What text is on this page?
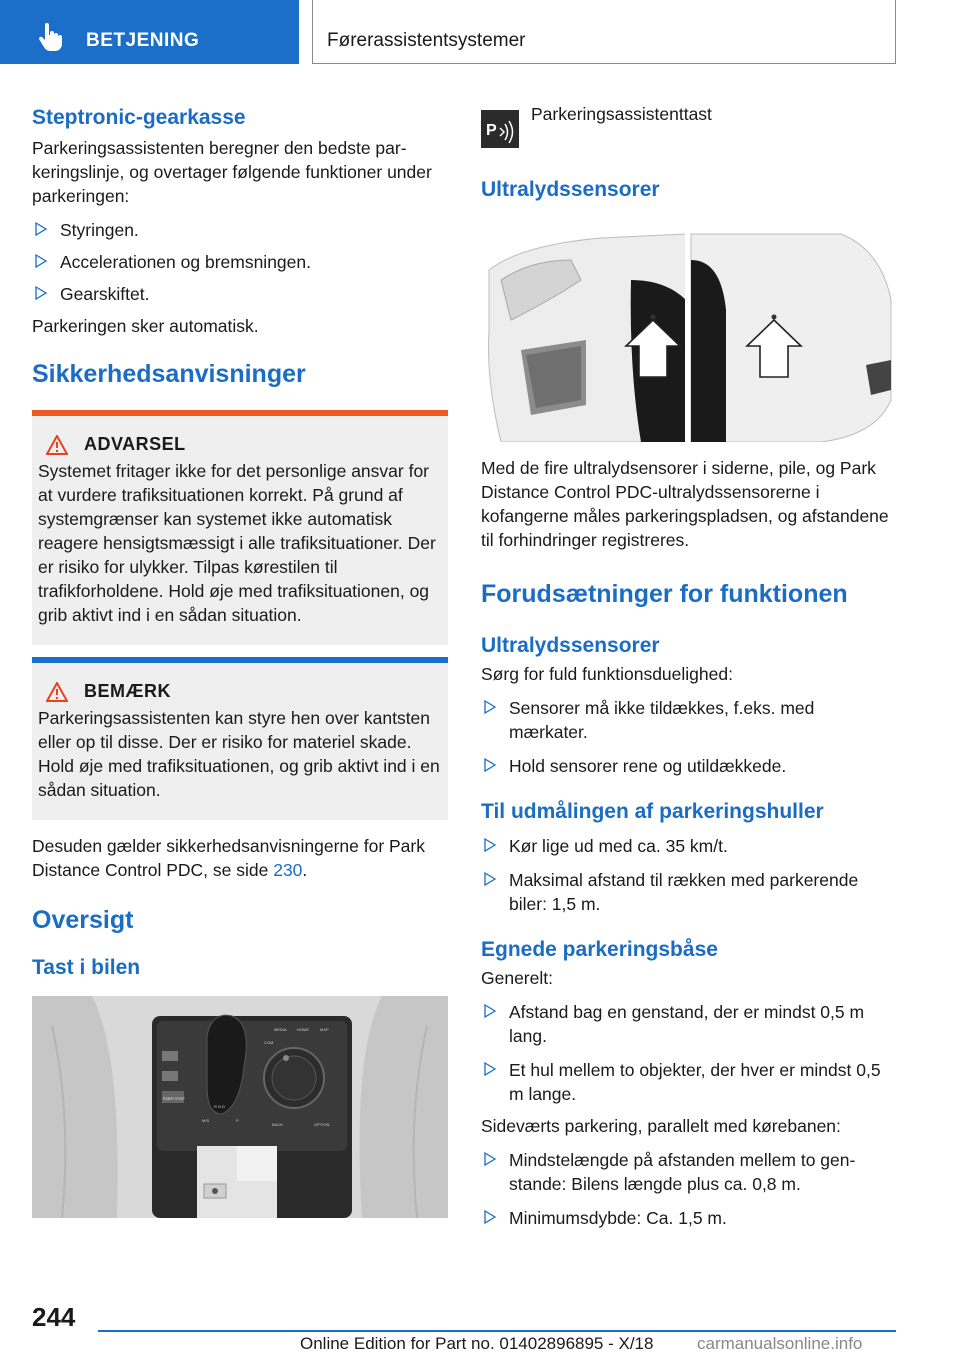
BETJENING	Førerassistentsystemer
Steptronic-gearkasse
Parkeringsassistenten beregner den bedste parkeringslinje, og overtager følgende funktioner under parkeringen:
Styringen.
Accelerationen og bremsningen.
Gearskiftet.
Parkeringen sker automatisk.
Sikkerhedsanvisninger
ADVARSEL
Systemet fritager ikke for det personlige ansvar for at vurdere trafiksituationen korrekt. På grund af systemgrænser kan systemet ikke automatisk reagere hensigtsmæssigt i alle trafiksituationer. Der er risiko for ulykker. Tilpas kørestilen til trafikforholdene. Hold øje med trafiksituationen, og grib aktivt ind i en sådan situation.
BEMÆRK
Parkeringsassistenten kan styre hen over kantsten eller op til disse. Der er risiko for materiel skade. Hold øje med trafiksituationen, og grib aktivt ind i en sådan situation.
Desuden gælder sikkerhedsanvisningerne for Park Distance Control PDC, se side 230.
Oversigt
Tast i bilen
MEDIA	HOME	MAP
COM
BACK	OPTION
R N D
M/S	P
START STOP
P
Parkeringsassistenttast
Ultralydssensorer
Med de fire ultralydsensorer i siderne, pile, og Park Distance Control PDC-ultralydssensorerne i kofangerne måles parkeringspladsen, og afstandene til forhindringer registreres.
Forudsætninger for funktionen
Ultralydssensorer
Sørg for fuld funktionsduelighed:
Sensorer må ikke tildækkes, f.eks. med mærkater.
Hold sensorer rene og utildækkede.
Til udmålingen af parkeringshuller
Kør lige ud med ca. 35 km/t.
Maksimal afstand til rækken med parkerende biler: 1,5 m.
Egnede parkeringsbåse
Generelt:
Afstand bag en genstand, der er mindst 0,5 m lang.
Et hul mellem to objekter, der hver er mindst 0,5 m lange.
Sideværts parkering, parallelt med kørebanen:
Mindstelængde på afstanden mellem to genstande: Bilens længde plus ca. 0,8 m.
Minimumsdybde: Ca. 1,5 m.
244
Online Edition for Part no. 01402896895 - X/18	carmanualsonline.info
